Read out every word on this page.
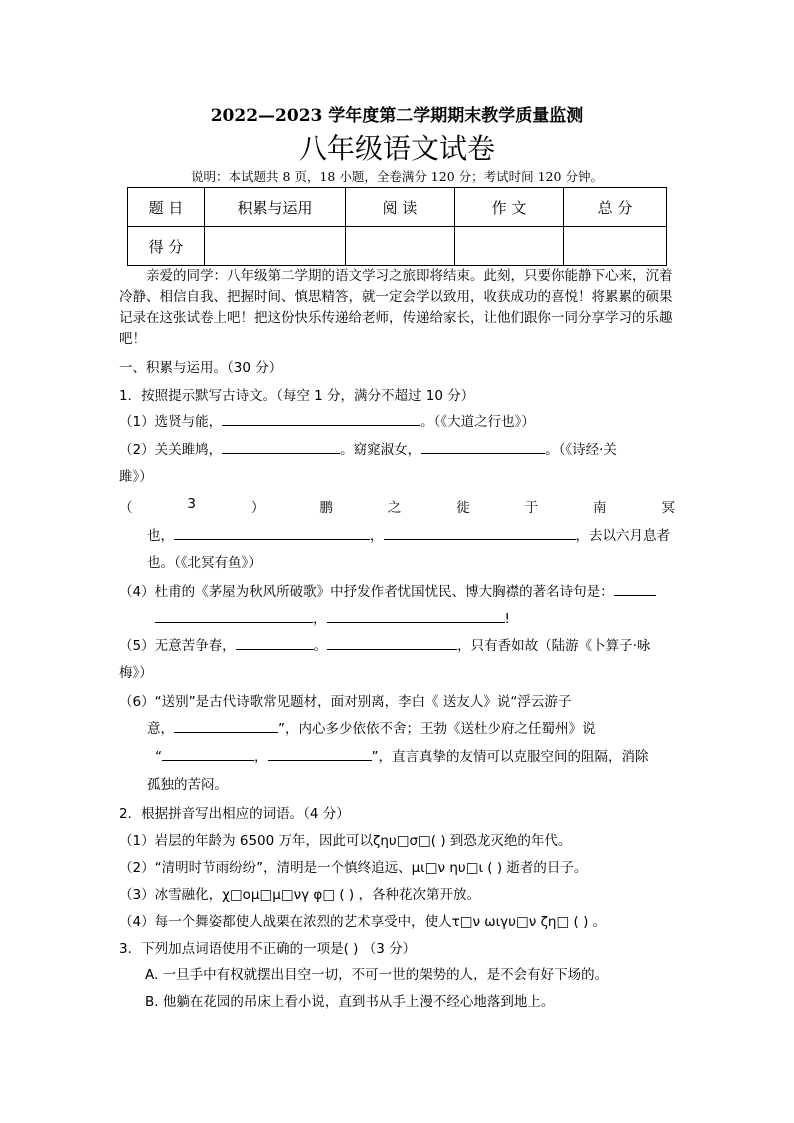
2022—2023 学年度第二学期期末教学质量监测
八年级语文试卷
说明：本试题共 8 页，18 小题，全卷满分 120 分；考试时间 120 分钟。
题 日	积累与运用	阅 读	作 文	总 分
得 分				
亲爱的同学：八年级第二学期的语文学习之旅即将结束。此刻，只要你能静下心来，沉着冷静、相信自我、把握时间、慎思精答，就一定会学以致用，收获成功的喜悦！将累累的硕果记录在这张试卷上吧！把这份快乐传递给老师，传递给家长，让他们跟你一同分享学习的乐趣吧！
一、积累与运用。（30 分）
1．按照提示默写古诗文。（每空 1 分，满分不超过 10 分）
（1）选贤与能，	。（《大道之行也》）
（2）关关雎鸠，	。窈窕淑女，	。（《诗经·关
雎》）
（	3	）	鹏	之	徙	于	南	冥
也，	，	，去以六月息者
也。（《北冥有鱼》）
（4）杜甫的《茅屋为秋风所破歌》中抒发作者忧国忧民、博大胸襟的著名诗句是：
，	!
（5）无意苦争春，	。	，只有香如故（陆游《卜算子·咏
梅》）
（6）“送别”是古代诗歌常见题材，面对别离，李白《 送友人》说“浮云游子
意，	”，内心多少依依不舍；王勃《送杜少府之任蜀州》说
“	，	”，直言真挚的友情可以克服空间的阻隔，消除
孤独的苦闷。
2．根据拼音写出相应的词语。（4 分）
（1）岩层的年龄为 6500 万年，因此可以ζηυ□σ□( ) 到恐龙灭绝的年代。
（2）“清明时节雨纷纷”，清明是一个慎终追远、μι□ν ηυ□ι ( ) 逝者的日子。
（3）冰雪融化，χ□ομ□μ□νγ φ□ ( ) ，各种花次第开放。
（4）每一个舞姿都使人战栗在浓烈的艺术享受中，使人τ□ν ωιγυ□ν ζη□ ( ) 。
3．下列加点词语使用不正确的一项是( ) （3 分）
A. 一旦手中有权就摆出目空一切，不可一世的架势的人，是不会有好下场的。
B. 他躺在花园的吊床上看小说，直到书从手上漫不经心地落到地上。
